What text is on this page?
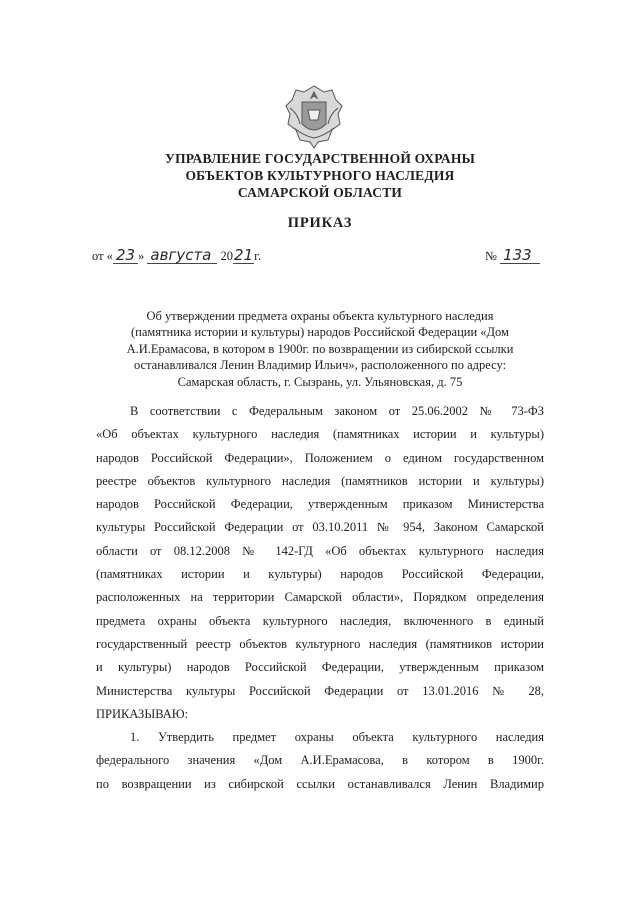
УПРАВЛЕНИЕ ГОСУДАРСТВЕННОЙ ОХРАНЫ
ОБЪЕКТОВ КУЛЬТУРНОГО НАСЛЕДИЯ
САМАРСКОЙ ОБЛАСТИ
ПРИКАЗ
от « 23 » августа 2021г.	№ 133
Об утверждении предмета охраны объекта культурного наследия
(памятника истории и культуры) народов Российской Федерации «Дом
А.И.Ерамасова, в котором в 1900г. по возвращении из сибирской ссылки
останавливался Ленин Владимир Ильич», расположенного по адресу:
Самарская область, г. Сызрань, ул. Ульяновская, д. 75
В соответствии с Федеральным законом от 25.06.2002 № 73-ФЗ
«Об объектах культурного наследия (памятниках истории и культуры)
народов Российской Федерации», Положением о едином государственном
реестре объектов культурного наследия (памятников истории и культуры)
народов Российской Федерации, утвержденным приказом Министерства
культуры Российской Федерации от 03.10.2011 № 954, Законом Самарской
области от 08.12.2008 № 142-ГД «Об объектах культурного наследия
(памятниках истории и культуры) народов Российской Федерации,
расположенных на территории Самарской области», Порядком определения
предмета охраны объекта культурного наследия, включенного в единый
государственный реестр объектов культурного наследия (памятников истории
и культуры) народов Российской Федерации, утвержденным приказом
Министерства культуры Российской Федерации от 13.01.2016 № 28,
ПРИКАЗЫВАЮ:
1. Утвердить предмет охраны объекта культурного наследия
федерального значения «Дом А.И.Ерамасова, в котором в 1900г.
по возвращении из сибирской ссылки останавливался Ленин Владимир
